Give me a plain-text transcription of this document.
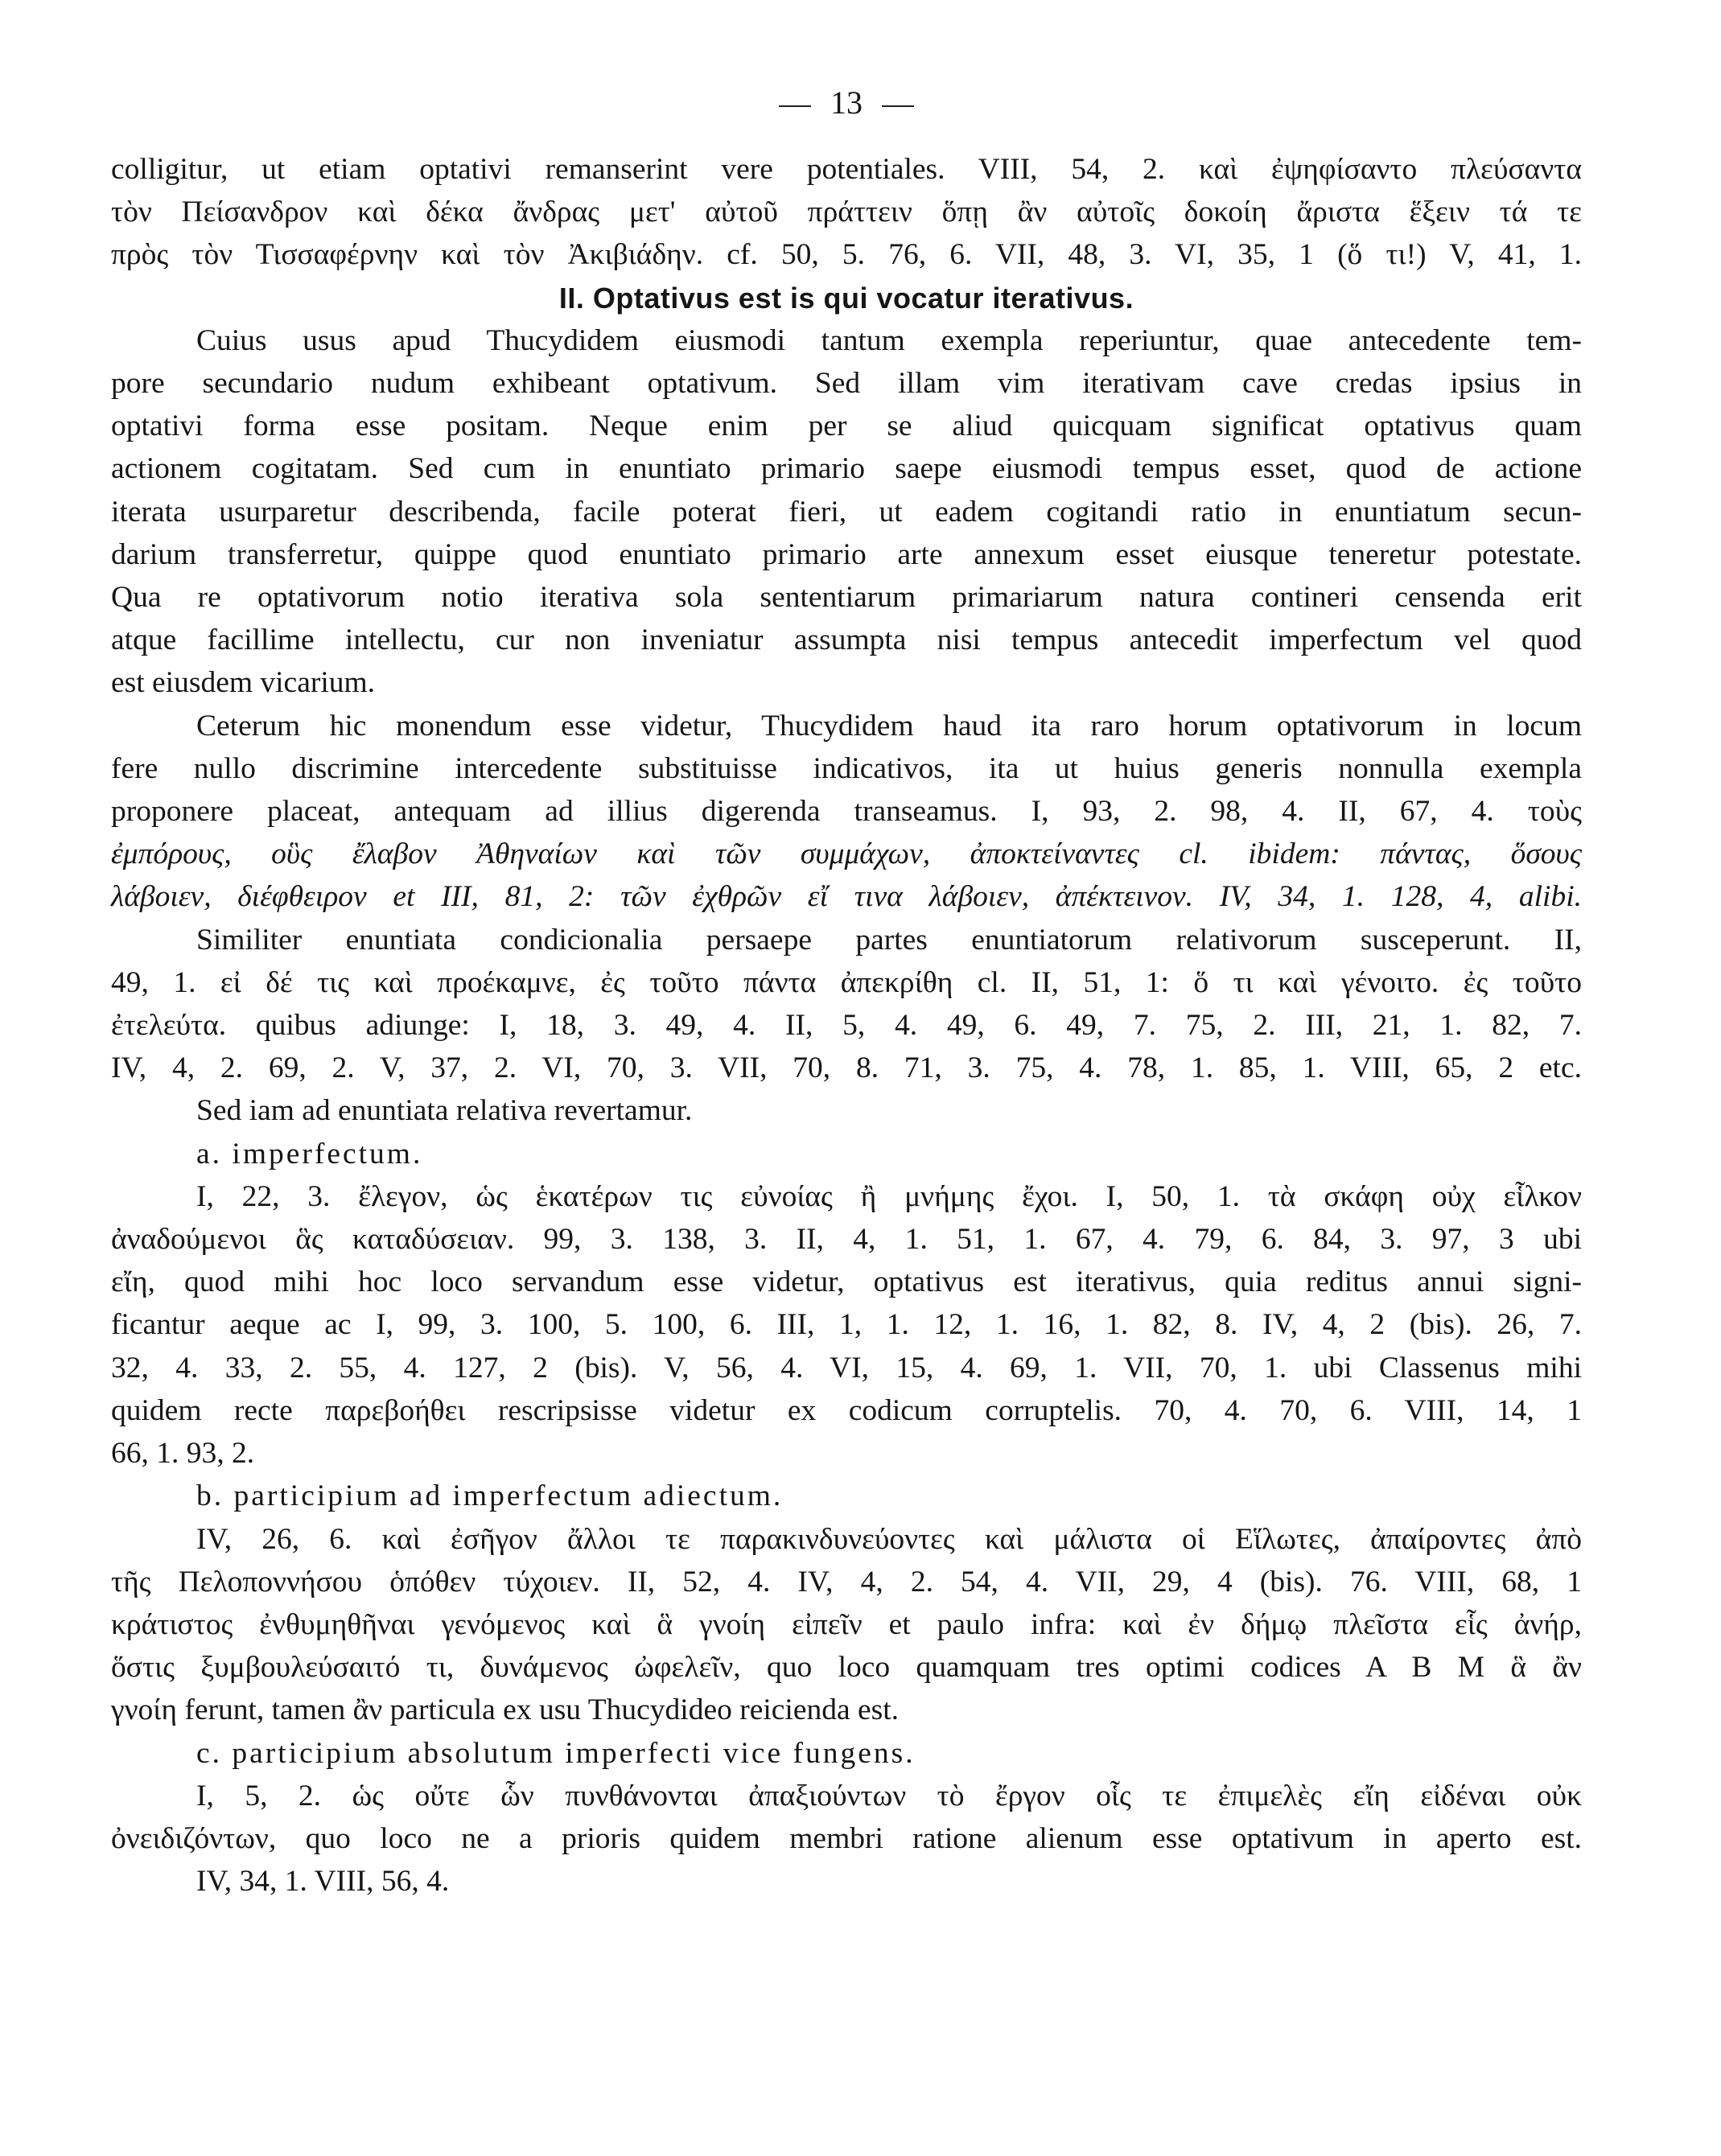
13

colligitur, ut etiam optativi remanserint vere potentiales. VIII, 54, 2. καὶ ἐψηφίσαντο πλεύσαντα
τὸν Πείσανδρον καὶ δέκα ἄνδρας μετ' αὐτοῦ πράττειν ὅπῃ ἂν αὐτοῖς δοκοίη ἄριστα ἕξειν τά τε
πρὸς τὸν Τισσαφέρνην καὶ τὸν Ἀκιβιάδην. cf. 50, 5. 76, 6. VII, 48, 3. VI, 35, 1 (ὅ τι!) V, 41, 1.

II. Optativus est is qui vocatur iterativus.

Cuius usus apud Thucydidem eiusmodi tantum exempla reperiuntur, quae antecedente tem-
pore secundario nudum exhibeant optativum. Sed illam vim iterativam cave credas ipsius in
optativi forma esse positam. Neque enim per se aliud quicquam significat optativus quam
actionem cogitatam. Sed cum in enuntiato primario saepe eiusmodi tempus esset, quod de actione
iterata usurparetur describenda, facile poterat fieri, ut eadem cogitandi ratio in enuntiatum secun-
darium transferretur, quippe quod enuntiato primario arte annexum esset eiusque teneretur potestate.
Qua re optativorum notio iterativa sola sententiarum primariarum natura contineri censenda erit
atque facillime intellectu, cur non inveniatur assumpta nisi tempus antecedit imperfectum vel quod
est eiusdem vicarium.

Ceterum hic monendum esse videtur, Thucydidem haud ita raro horum optativorum in locum
fere nullo discrimine intercedente substituisse indicativos, ita ut huius generis nonnulla exempla
proponere placeat, antequam ad illius digerenda transeamus. I, 93, 2. 98, 4. II, 67, 4. τοὺς
ἐμπόρους, οὓς ἔλαβον Ἀθηναίων καὶ τῶν συμμάχων, ἀποκτείναντες cl. ibidem: πάντας, ὅσους
λάβοιεν, διέφθειρον et III, 81, 2: τῶν ἐχθρῶν εἴ τινα λάβοιεν, ἀπέκτεινον. IV, 34, 1. 128, 4, alibi.

Similiter enuntiata condicionalia persaepe partes enuntiatorum relativorum susceperunt. II,
49, 1. εἰ δέ τις καὶ προέκαμνε, ἐς τοῦτο πάντα ἀπεκρίθη cl. II, 51, 1: ὅ τι καὶ γένοιτο. ἐς τοῦτο
ἐτελεύτα. quibus adiunge: I, 18, 3. 49, 4. II, 5, 4. 49, 6. 49, 7. 75, 2. III, 21, 1. 82, 7.
IV, 4, 2. 69, 2. V, 37, 2. VI, 70, 3. VII, 70, 8. 71, 3. 75, 4. 78, 1. 85, 1. VIII, 65, 2 etc.

Sed iam ad enuntiata relativa revertamur.

a. imperfectum.

I, 22, 3. ἔλεγον, ὡς ἑκατέρων τις εὐνοίας ἢ μνήμης ἔχοι. I, 50, 1. τὰ σκάφη οὐχ εἷλκον
ἀναδούμενοι ἃς καταδύσειαν. 99, 3. 138, 3. II, 4, 1. 51, 1. 67, 4. 79, 6. 84, 3. 97, 3 ubi
εἴη, quod mihi hoc loco servandum esse videtur, optativus est iterativus, quia reditus annui signi-
ficantur aeque ac I, 99, 3. 100, 5. 100, 6. III, 1, 1. 12, 1. 16, 1. 82, 8. IV, 4, 2 (bis). 26, 7.
32, 4. 33, 2. 55, 4. 127, 2 (bis). V, 56, 4. VI, 15, 4. 69, 1. VII, 70, 1. ubi Classenus mihi
quidem recte παρεβοήθει rescripsisse videtur ex codicum corruptelis. 70, 4. 70, 6. VIII, 14, 1
66, 1. 93, 2.

b. participium ad imperfectum adiectum.

IV, 26, 6. καὶ ἐσῆγον ἄλλοι τε παρακινδυνεύοντες καὶ μάλιστα οἱ Εἵλωτες, ἀπαίροντες ἀπὸ
τῆς Πελοποννήσου ὁπόθεν τύχοιεν. II, 52, 4. IV, 4, 2. 54, 4. VII, 29, 4 (bis). 76. VIII, 68, 1
κράτιστος ἐνθυμηθῆναι γενόμενος καὶ ἃ γνοίη εἰπεῖν et paulo infra: καὶ ἐν δήμῳ πλεῖστα εἷς ἀνήρ,
ὅστις ξυμβουλεύσαιτό τι, δυνάμενος ὠφελεῖν, quo loco quamquam tres optimi codices A B M ἃ ἂν
γνοίη ferunt, tamen ἂν particula ex usu Thucydideo reicienda est.

c. participium absolutum imperfecti vice fungens.

I, 5, 2. ὡς οὔτε ὧν πυνθάνονται ἀπαξιούντων τὸ ἔργον οἷς τε ἐπιμελὲς εἴη εἰδέναι οὐκ
ὀνειδιζόντων, quo loco ne a prioris quidem membri ratione alienum esse optativum in aperto est.
IV, 34, 1. VIII, 56, 4.
